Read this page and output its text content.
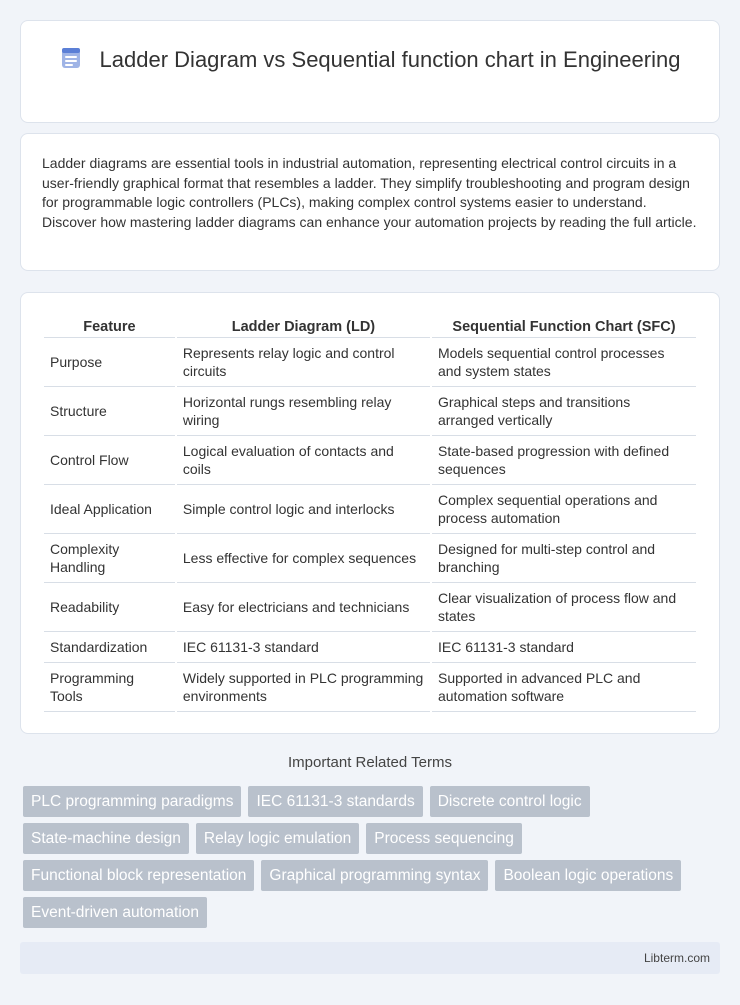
Ladder Diagram vs Sequential function chart in Engineering

Ladder diagrams are essential tools in industrial automation, representing electrical control circuits in a user-friendly graphical format that resembles a ladder. They simplify troubleshooting and program design for programmable logic controllers (PLCs), making complex control systems easier to understand. Discover how mastering ladder diagrams can enhance your automation projects by reading the full article.

Feature	Ladder Diagram (LD)	Sequential Function Chart (SFC)
Purpose	Represents relay logic and control circuits	Models sequential control processes and system states
Structure	Horizontal rungs resembling relay wiring	Graphical steps and transitions arranged vertically
Control Flow	Logical evaluation of contacts and coils	State-based progression with defined sequences
Ideal Application	Simple control logic and interlocks	Complex sequential operations and process automation
Complexity Handling	Less effective for complex sequences	Designed for multi-step control and branching
Readability	Easy for electricians and technicians	Clear visualization of process flow and states
Standardization	IEC 61131-3 standard	IEC 61131-3 standard
Programming Tools	Widely supported in PLC programming environments	Supported in advanced PLC and automation software
Important Related Terms
PLC programming paradigms	IEC 61131-3 standards	Discrete control logic
State-machine design	Relay logic emulation	Process sequencing
Functional block representation	Graphical programming syntax	Boolean logic operations
Event-driven automation
Libterm.com
